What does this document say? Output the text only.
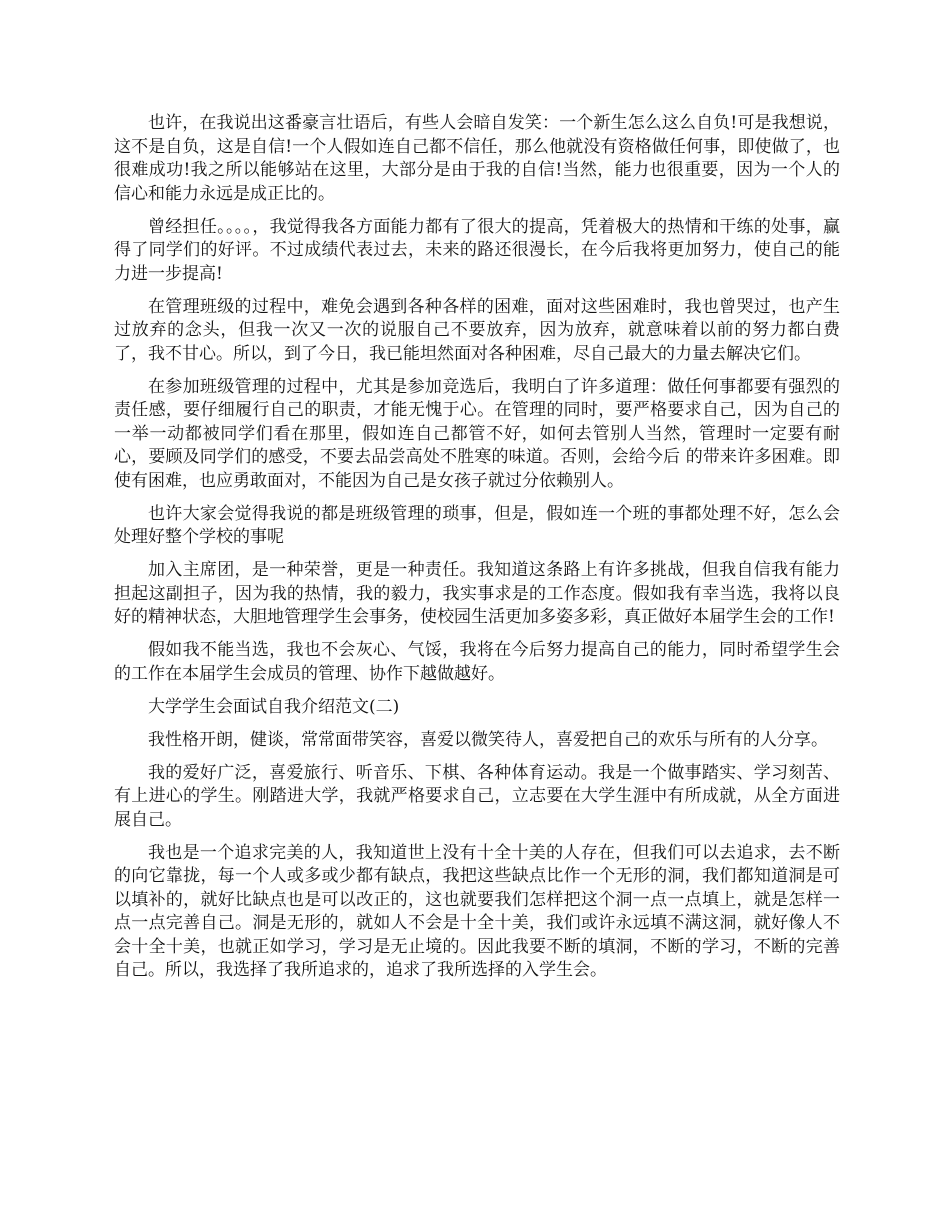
也许，在我说出这番豪言壮语后，有些人会暗自发笑：一个新生怎么这么自负!可是我想说，这不是自负，这是自信!一个人假如连自己都不信任，那么他就没有资格做任何事，即使做了，也很难成功!我之所以能够站在这里，大部分是由于我的自信!当然，能力也很重要，因为一个人的信心和能力永远是成正比的。

曾经担任。。。。，我觉得我各方面能力都有了很大的提高，凭着极大的热情和干练的处事，赢得了同学们的好评。不过成绩代表过去，未来的路还很漫长，在今后我将更加努力，使自己的能力进一步提高!

在管理班级的过程中，难免会遇到各种各样的困难，面对这些困难时，我也曾哭过，也产生过放弃的念头，但我一次又一次的说服自己不要放弃，因为放弃，就意味着以前的努力都白费了，我不甘心。所以，到了今日，我已能坦然面对各种困难，尽自己最大的力量去解决它们。

在参加班级管理的过程中，尤其是参加竞选后，我明白了许多道理：做任何事都要有强烈的 责任感，要仔细履行自己的职责，才能无愧于心。在管理的同时，要严格要求自己，因为自己的一举一动都被同学们看在那里，假如连自己都管不好，如何去管别人当然，管理时一定要有耐心，要顾及同学们的感受，不要去品尝高处不胜寒的味道。否则，会给今后 的带来许多困难。即使有困难，也应勇敢面对，不能因为自己是女孩子就过分依赖别人。

也许大家会觉得我说的都是班级管理的琐事，但是，假如连一个班的事都处理不好，怎么会处理好整个学校的事呢

加入主席团，是一种荣誉，更是一种责任。我知道这条路上有许多挑战，但我自信我有能力担起这副担子，因为我的热情，我的毅力，我实事求是的工作态度。假如我有幸当选，我将以良好的精神状态，大胆地管理学生会事务，使校园生活更加多姿多彩，真正做好本届学生会的工作!

假如我不能当选，我也不会灰心、气馁，我将在今后努力提高自己的能力，同时希望学生会的工作在本届学生会成员的管理、协作下越做越好。

大学学生会面试自我介绍范文(二)

我性格开朗，健谈，常常面带笑容，喜爱以微笑待人，喜爱把自己的欢乐与所有的人分享。

我的爱好广泛，喜爱旅行、听音乐、下棋、各种体育运动。我是一个做事踏实、学习刻苦、有上进心的学生。刚踏进大学，我就严格要求自己，立志要在大学生涯中有所成就，从全方面进展自己。

我也是一个追求完美的人，我知道世上没有十全十美的人存在，但我们可以去追求，去不断的向它靠拢，每一个人或多或少都有缺点，我把这些缺点比作一个无形的洞，我们都知道洞是可以填补的，就好比缺点也是可以改正的，这也就要我们怎样把这个洞一点一点填上，就是怎样一点一点完善自己。洞是无形的，就如人不会是十全十美，我们或许永远填不满这洞，就好像人不会十全十美，也就正如学习，学习是无止境的。因此我要不断的填洞，不断的学习，不断的完善自己。所以，我选择了我所追求的，追求了我所选择的入学生会。
